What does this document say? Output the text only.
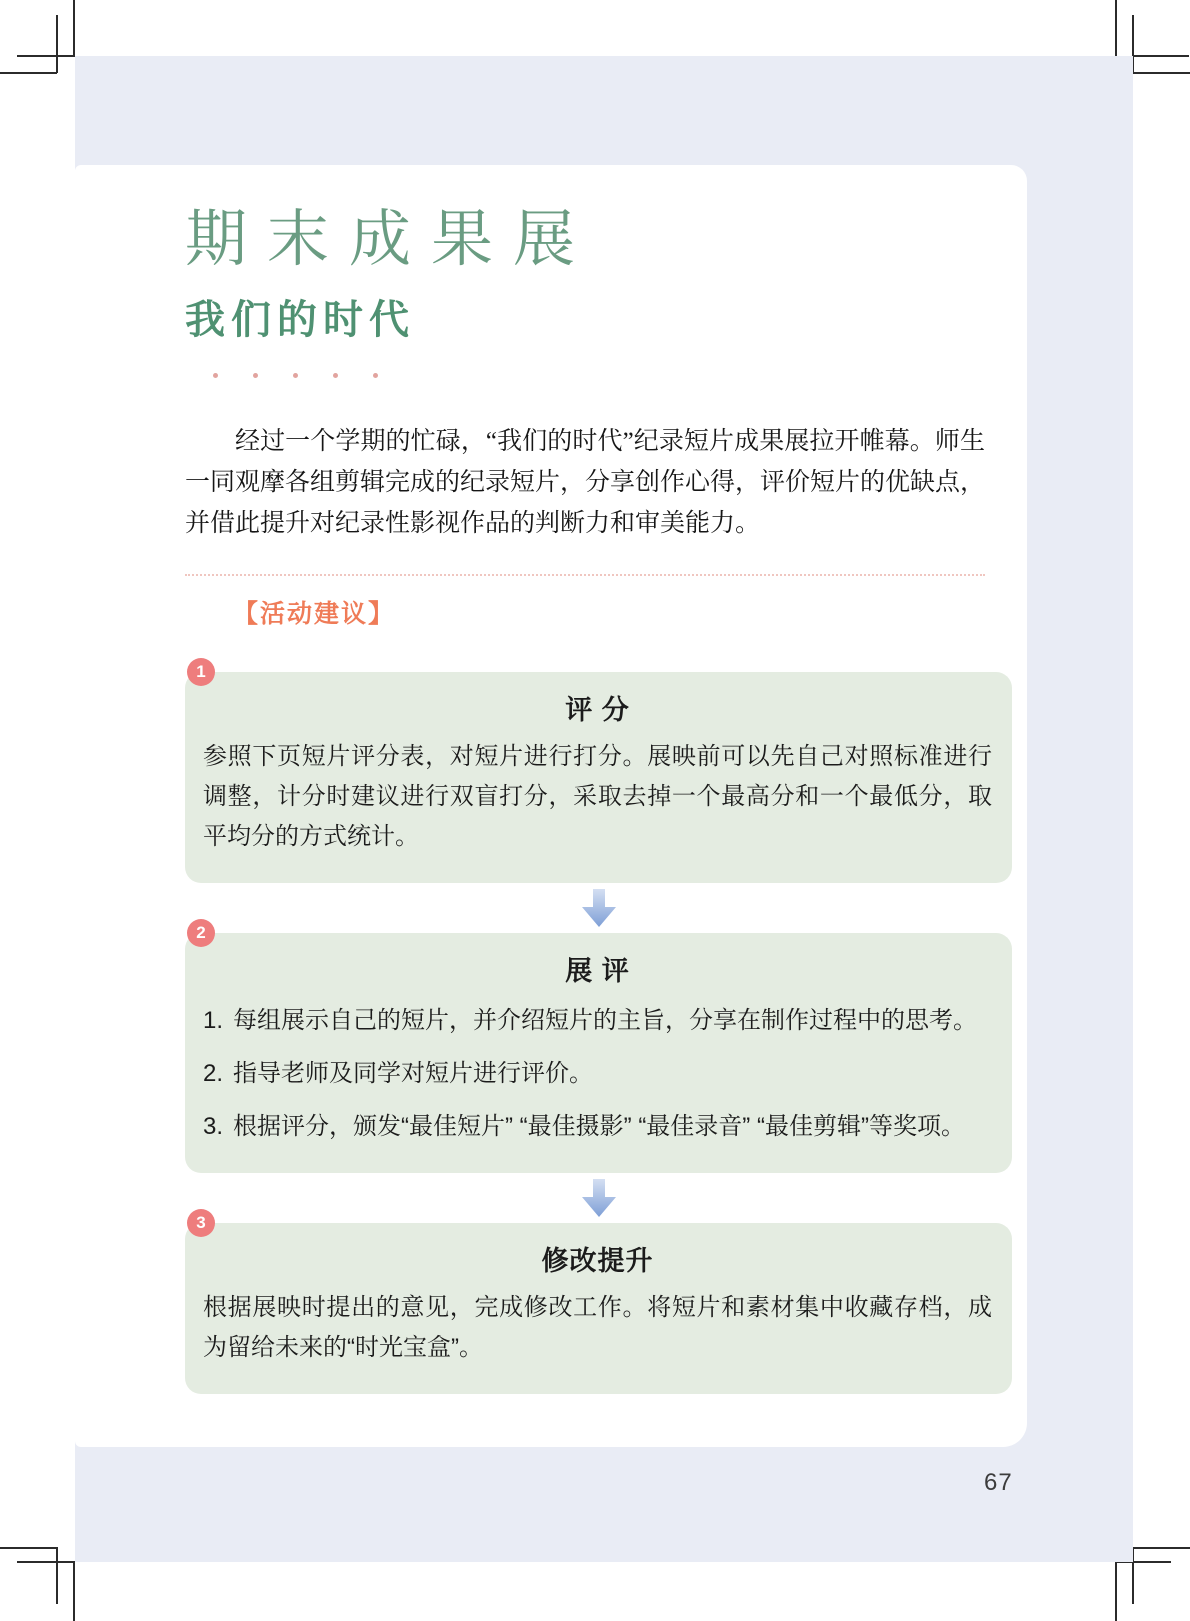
67
期末成果展
我们的时代

经过一个学期的忙碌，“我们的时代”纪录短片成果展拉开帷幕。师生一同观摩各组剪辑完成的纪录短片，分享创作心得，评价短片的优缺点，并借此提升对纪录性影视作品的判断力和审美能力。

【活动建议】
1
评 分

参照下页短片评分表，对短片进行打分。展映前可以先自己对照标准进行调整，计分时建议进行双盲打分，采取去掉一个最高分和一个最低分，取平均分的方式统计。

2
展 评
1. 每组展示自己的短片，并介绍短片的主旨，分享在制作过程中的思考。
2. 指导老师及同学对短片进行评价。
3. 根据评分，颁发“最佳短片” “最佳摄影” “最佳录音” “最佳剪辑”等奖项。
3
修改提升

根据展映时提出的意见，完成修改工作。将短片和素材集中收藏存档，成为留给未来的“时光宝盒”。
